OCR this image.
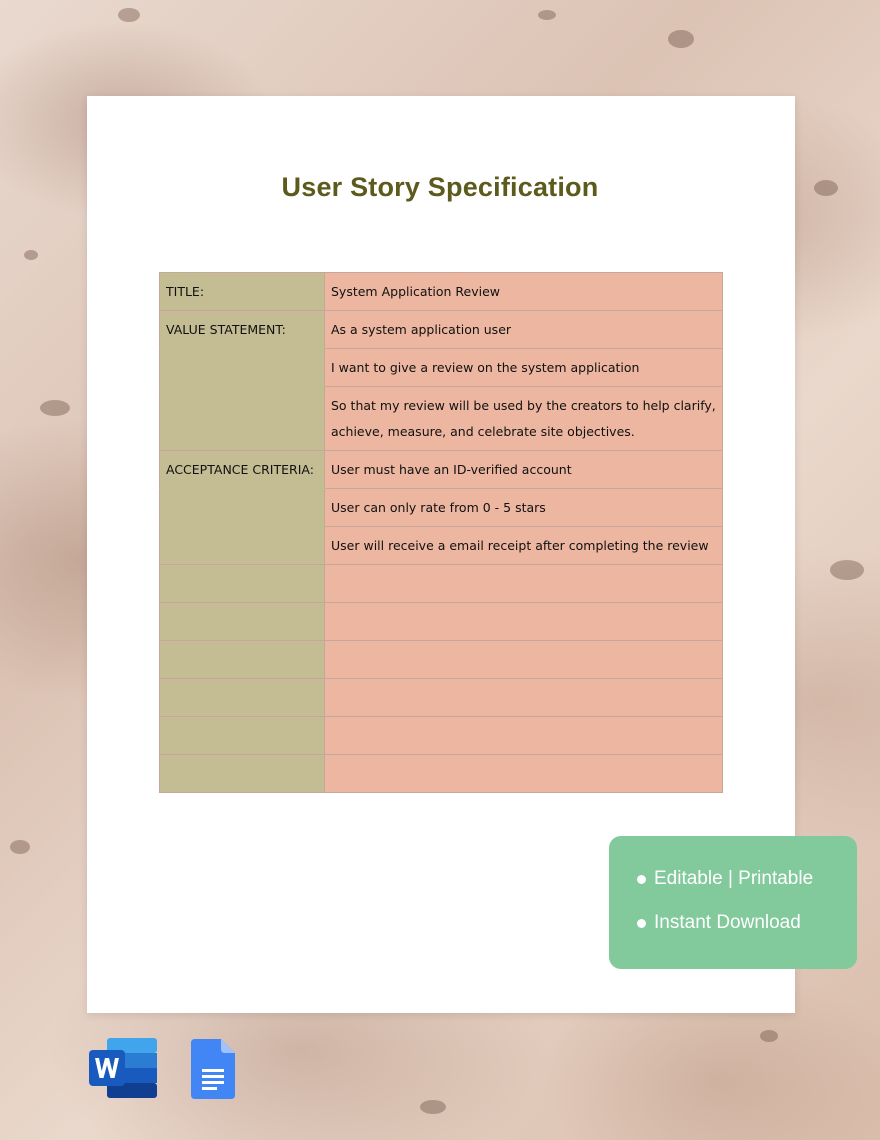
User Story Specification
TITLE:	System Application Review
VALUE STATEMENT:	As a system application user
	I want to give a review on the system application
	So that my review will be used by the creators to help clarify, achieve, measure, and celebrate site objectives.
ACCEPTANCE CRITERIA:	User must have an ID-verified account
	User can only rate from 0 - 5 stars
	User will receive a email receipt after completing the review

Editable | Printable
Instant Download
